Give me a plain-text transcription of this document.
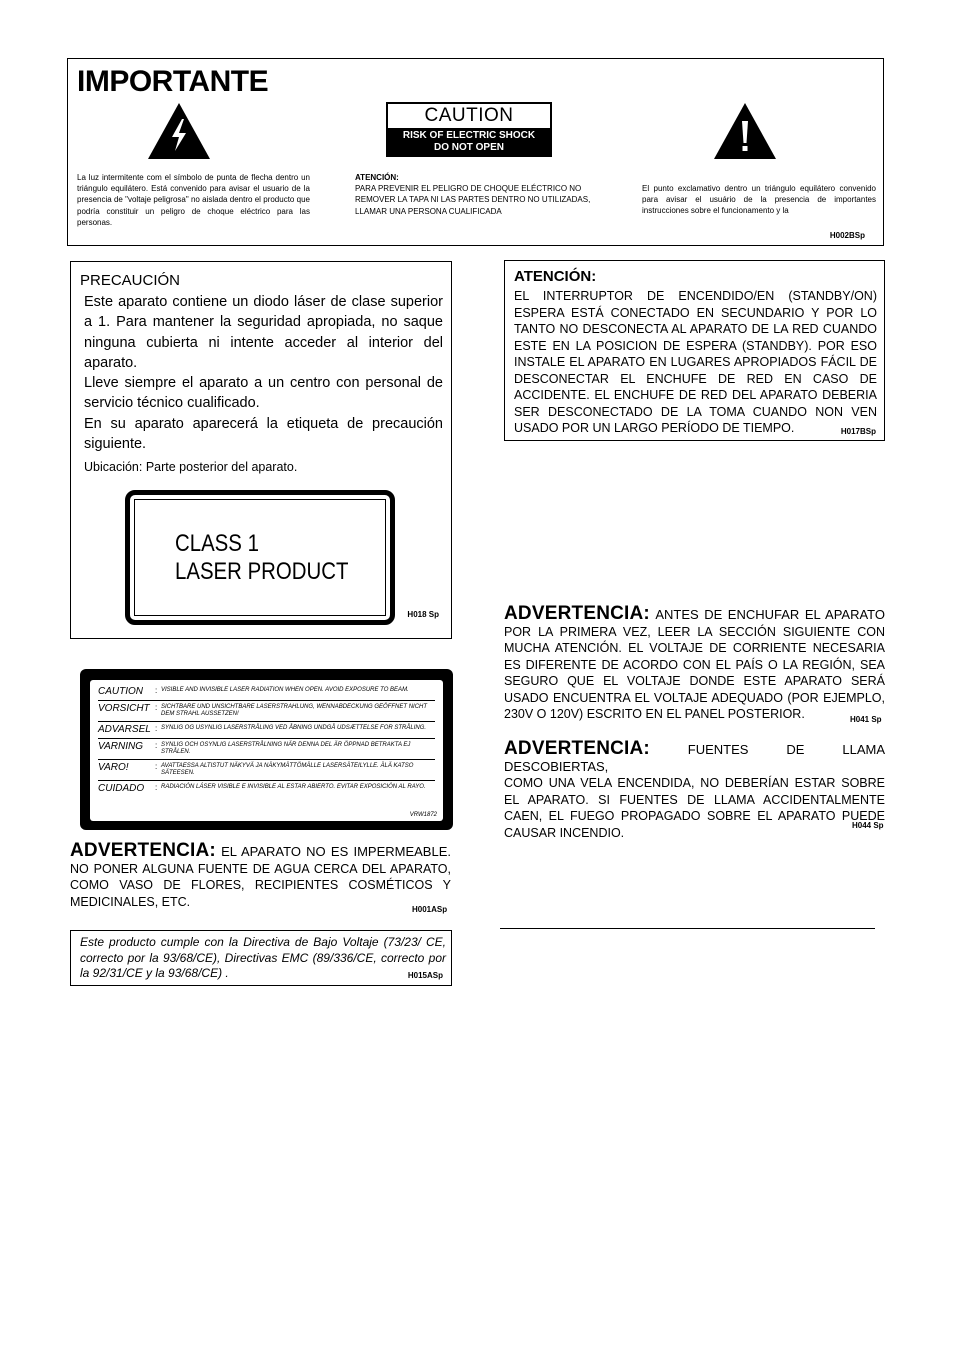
IMPORTANTE
CAUTION
RISK OF ELECTRIC SHOCK
DO NOT OPEN
La luz intermitente com el símbolo de punta de flecha dentro un triángulo equilátero. Está convenido para avisar el usuario de la presencia de "voltaje peligrosa" no aislada dentro el producto que podría constituir un peligro de choque eléctrico para las personas.
ATENCIÓN:
PARA PREVENIR EL PELIGRO DE CHOQUE ELÉCTRICO NO REMOVER LA TAPA NI LAS PARTES DENTRO NO UTILIZADAS, LLAMAR UNA PERSONA CUALIFICADA
El punto exclamativo dentro un triángulo equilátero convenido para avisar el usuário de la presencia de importantes instrucciones sobre el funcionamento y la
H002BSp
PRECAUCIÓN
Este aparato contiene un diodo láser de clase superior a 1. Para mantener la seguridad apropiada, no saque ninguna cubierta ni intente acceder al interior del aparato.
Lleve siempre el aparato a un centro con personal de servicio técnico cualificado.
En su aparato aparecerá la etiqueta de precaución siguiente.
Ubicación: Parte posterior del aparato.
CLASS 1
LASER PRODUCT
H018 Sp
ATENCIÓN:
EL INTERRUPTOR DE ENCENDIDO/EN (STANDBY/ON) ESPERA ESTÁ CONECTADO EN SECUNDARIO Y POR LO TANTO NO DESCONECTA AL APARATO DE LA RED CUANDO ESTE EN LA POSICION DE ESPERA (STANDBY). POR ESO INSTALE EL APARATO EN LUGARES APROPIADOS FÁCIL DE DESCONECTAR EL ENCHUFE DE RED EN CASO DE ACCIDENTE. EL ENCHUFE DE RED DEL APARATO DEBERIA SER DESCONECTADO DE LA TOMA CUANDO NON VEN USADO POR UN LARGO PERÍODO DE TIEMPO.	H017BSp
CAUTION	: VISIBLE AND INVISIBLE LASER RADIATION WHEN OPEN. AVOID EXPOSURE TO BEAM.
VORSICHT : SICHTBARE UND UNSICHTBARE LASERSTRAHLUNG, WENNABDECKUNG GEÖFFNET NICHT DEM STRAHL AUSSETZEN!
ADVARSEL : SYNLIG OG USYNLIG LASERSTRÅLING VED ÅBNING UNDGÅ UDSÆTTELSE FOR STRÅLING.
VARNING	: SYNLIG OCH OSYNLIG LASERSTRÅLNING NÄR DENNA DEL ÄR ÖPPNAD BETRAKTA EJ STRÅLEN.
VARO!	: AVATTAESSA ALTISTUT NÄKYVÄ JA NÄKYMÄTTÖMÄLLE LASERSÄTEILYLLE. ÄLÄ KATSO SÄTEESEN.
CUIDADO	: RADIACIÓN LÁSER VISIBLE E INVISIBLE AL ESTAR ABIERTO. EVITAR EXPOSICIÓN AL RAYO.
VRW1872
ADVERTENCIA: EL APARATO NO ES IMPERMEABLE.
NO PONER ALGUNA FUENTE DE AGUA CERCA DEL APARATO, COMO VASO DE FLORES, RECIPIENTES COSMÉTICOS Y MEDICINALES, ETC.
H001ASp
Este producto cumple con la Directiva de Bajo Voltaje (73/23/ CE, correcto por la 93/68/CE), Directivas EMC (89/336/CE, correcto por la 92/31/CE y la 93/68/CE) .	H015ASp
ADVERTENCIA: ANTES DE ENCHUFAR EL APARATO
POR LA PRIMERA VEZ, LEER LA SECCIÓN SIGUIENTE CON MUCHA ATENCIÓN. EL VOLTAJE DE CORRIENTE NECESARIA ES DIFERENTE DE ACORDO CON EL PAÍS O LA REGIÓN, SEA SEGURO QUE EL VOLTAJE DONDE ESTE APARATO SERÁ USADO ENCUENTRA EL VOLTAJE ADEQUADO (POR EJEMPLO, 230V O 120V) ESCRITO EN EL PANEL POSTERIOR.	H041 Sp
ADVERTENCIA:	FUENTES DE LLAMA DESCOBIERTAS,
COMO UNA VELA ENCENDIDA, NO DEBERÍAN ESTAR SOBRE EL APARATO. SI FUENTES DE LLAMA ACCIDENTALMENTE CAEN, EL FUEGO PROPAGADO SOBRE EL APARATO PUEDE CAUSAR INCENDIO.	H044 Sp
